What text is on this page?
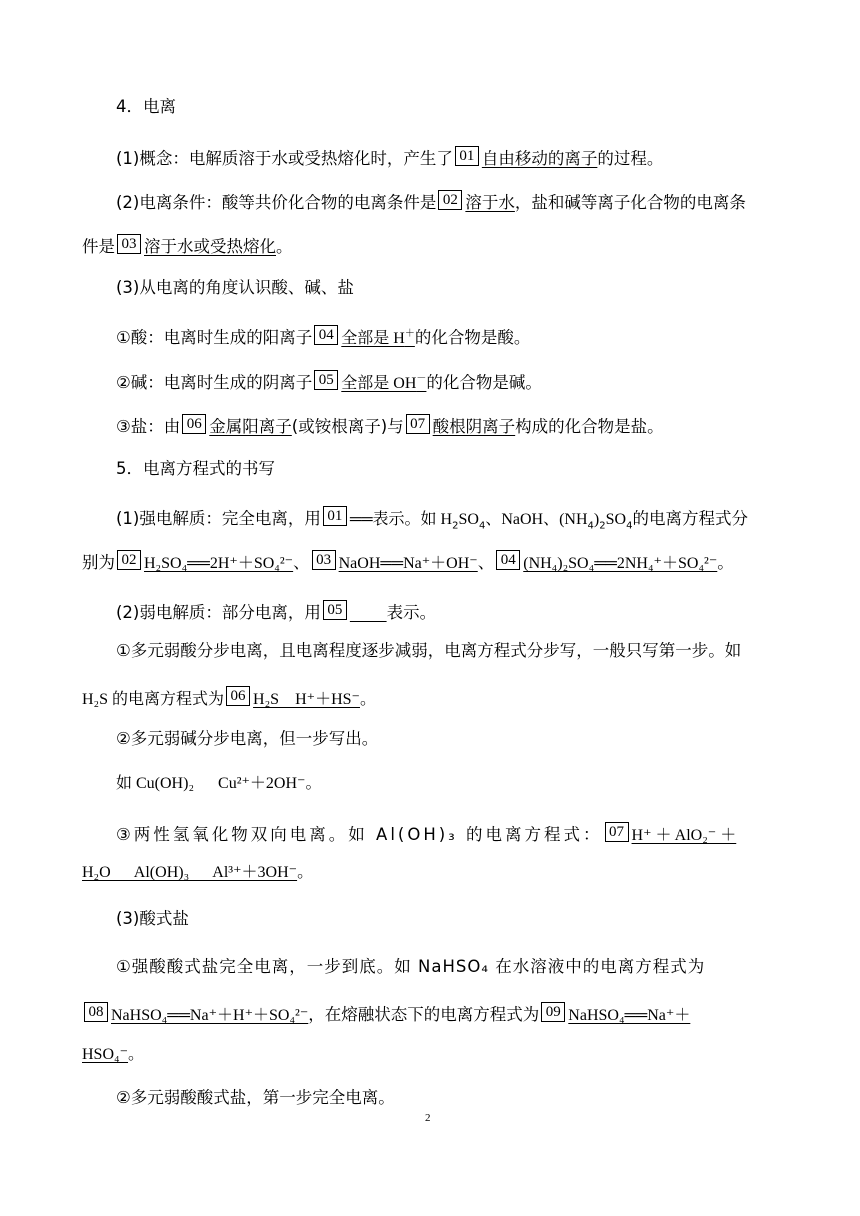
4．电离
(1)概念：电解质溶于水或受热熔化时，产生了 01 自由移动的离子的过程。
(2)电离条件：酸等共价化合物的电离条件是 02 溶于水，盐和碱等离子化合物的电离条
件是 03 溶于水或受热熔化。
(3)从电离的角度认识酸、碱、盐
①酸：电离时生成的阳离子 04 全部是 H＋的化合物是酸。
②碱：电离时生成的阴离子 05 全部是 OH－的化合物是碱。
③盐：由 06 金属阳离子(或铵根离子)与 07 酸根阴离子构成的化合物是盐。
5．电离方程式的书写
(1)强电解质：完全电离，用 01 ══表示。如 $H_2SO_4$、NaOH、$(NH_4)_2SO_4$的电离方程式分
别为 02 H₂SO₄══2H⁺＋SO₄²⁻、 03 NaOH══Na⁺＋OH⁻、 04 (NH₄)₂SO₄══2NH₄⁺＋SO₄²⁻。
(2)弱电解质：部分电离，用 05	表示。
①多元弱酸分步电离，且电离程度逐步减弱，电离方程式分步写，一般只写第一步。如
H₂S 的电离方程式为 06 H₂S    H⁺＋HS⁻。
②多元弱碱分步电离，但一步写出。
如 Cu(OH)₂      Cu²⁺＋2OH⁻。
③两性氢氧化物双向电离。如 Al(OH)₃ 的电离方程式： 07 H⁺ ＋ AlO₂⁻ ＋
H₂O      Al(OH)₃      Al³⁺＋3OH⁻。
(3)酸式盐
①强酸酸式盐完全电离，一步到底。如 NaHSO₄ 在水溶液中的电离方程式为
08 NaHSO₄══Na⁺＋H⁺＋SO₄²⁻，在熔融状态下的电离方程式为 09 NaHSO₄══Na⁺＋
HSO₄⁻。
②多元弱酸酸式盐，第一步完全电离。
2
